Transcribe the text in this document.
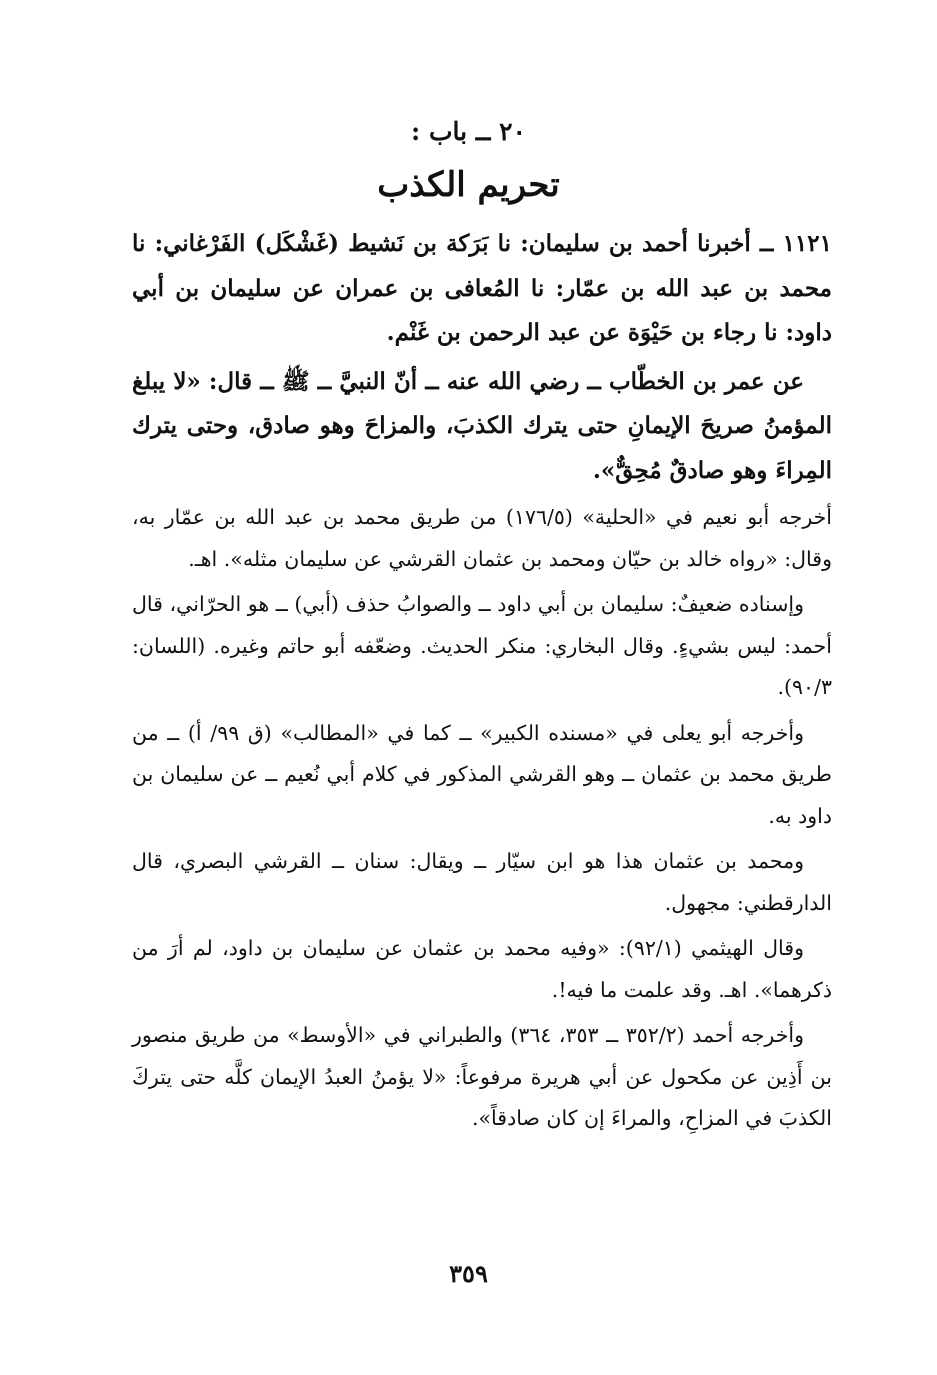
٢٠ ــ باب :
تحريم الكذب

١١٢١ ــ أخبرنا أحمد بن سليمان: نا بَرَكة بن نَشيط (غَشْكَل) الفَرْغاني: نا محمد بن عبد الله بن عمّار: نا المُعافى بن عمران عن سليمان بن أبي داود: نا رجاء بن حَيْوَة عن عبد الرحمن بن غَنْم.

عن عمر بن الخطّاب ــ رضي الله عنه ــ أنّ النبيَّ ــ ﷺ ــ قال: «لا يبلغ المؤمنُ صريحَ الإيمانِ حتى يترك الكذبَ، والمزاحَ وهو صادق، وحتى يترك المِراءَ وهو صادقٌ مُحِقٌّ».

أخرجه أبو نعيم في «الحلية» (١٧٦/٥) من طريق محمد بن عبد الله بن عمّار به، وقال: «رواه خالد بن حيّان ومحمد بن عثمان القرشي عن سليمان مثله». اهـ.

وإسناده ضعيفٌ: سليمان بن أبي داود ــ والصوابُ حذف (أبي) ــ هو الحرّاني، قال أحمد: ليس بشيءٍ. وقال البخاري: منكر الحديث. وضعّفه أبو حاتم وغيره. (اللسان: ٩٠/٣).

وأخرجه أبو يعلى في «مسنده الكبير» ــ كما في «المطالب» (ق ٩٩/ أ) ــ من طريق محمد بن عثمان ــ وهو القرشي المذكور في كلام أبي نُعيم ــ عن سليمان بن داود به.

ومحمد بن عثمان هذا هو ابن سيّار ــ ويقال: سنان ــ القرشي البصري، قال الدارقطني: مجهول.

وقال الهيثمي (٩٢/١): «وفيه محمد بن عثمان عن سليمان بن داود، لم أرَ من ذكرهما». اهـ. وقد علمت ما فيه!.

وأخرجه أحمد (٣٥٢/٢ ــ ٣٥٣، ٣٦٤) والطبراني في «الأوسط» من طريق منصور بن أَذِين عن مكحول عن أبي هريرة مرفوعاً: «لا يؤمنُ العبدُ الإيمان كلَّه حتى يتركَ الكذبَ في المزاحِ، والمراءَ إن كان صادقاً».

٣٥٩
